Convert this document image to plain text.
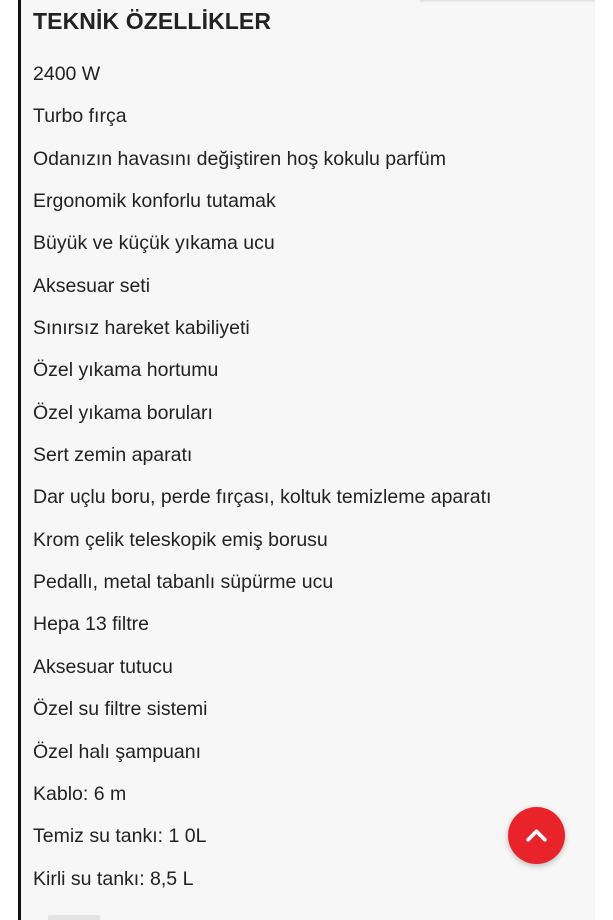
TEKNİK ÖZELLİKLER
2400 W
Turbo fırça
Odanızın havasını değiştiren hoş kokulu parfüm
Ergonomik konforlu tutamak
Büyük ve küçük yıkama ucu
Aksesuar seti
Sınırsız hareket kabiliyeti
Özel yıkama hortumu
Özel yıkama boruları
Sert zemin aparatı
Dar uçlu boru, perde fırçası, koltuk temizleme aparatı
Krom çelik teleskopik emiş borusu
Pedallı, metal tabanlı süpürme ucu
Hepa 13 filtre
Aksesuar tutucu
Özel su filtre sistemi
Özel halı şampuanı
Kablo: 6 m
Temiz su tankı: 1 0L
Kirli su tankı: 8,5 L
